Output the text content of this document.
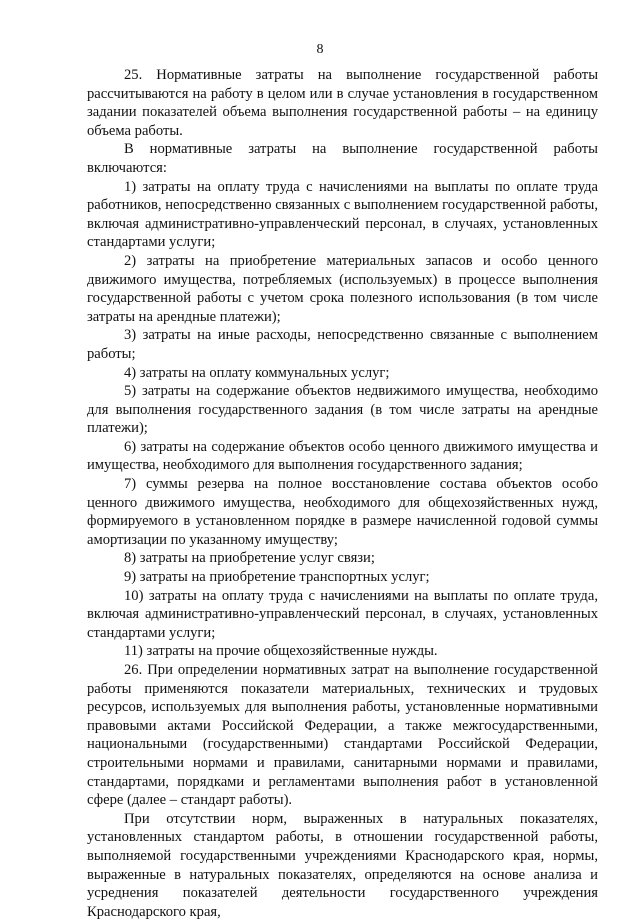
8

25. Нормативные затраты на выполнение государственной работы рассчитываются на работу в целом или в случае установления в государственном задании показателей объема выполнения государственной работы – на единицу объема работы.

В нормативные затраты на выполнение государственной работы включаются:

1) затраты на оплату труда с начислениями на выплаты по оплате труда работников, непосредственно связанных с выполнением государственной работы, включая административно-управленческий персонал, в случаях, установленных стандартами услуги;

2) затраты на приобретение материальных запасов и особо ценного движимого имущества, потребляемых (используемых) в процессе выполнения государственной работы с учетом срока полезного использования (в том числе затраты на арендные платежи);

3) затраты на иные расходы, непосредственно связанные с выполнением работы;

4) затраты на оплату коммунальных услуг;

5) затраты на содержание объектов недвижимого имущества, необходимо для выполнения государственного задания (в том числе затраты на арендные платежи);

6) затраты на содержание объектов особо ценного движимого имущества и имущества, необходимого для выполнения государственного задания;

7) суммы резерва на полное восстановление состава объектов особо ценного движимого имущества, необходимого для общехозяйственных нужд, формируемого в установленном порядке в размере начисленной годовой суммы амортизации по указанному имуществу;

8) затраты на приобретение услуг связи;

9) затраты на приобретение транспортных услуг;

10) затраты на оплату труда с начислениями на выплаты по оплате труда, включая административно-управленческий персонал, в случаях, установленных стандартами услуги;

11) затраты на прочие общехозяйственные нужды.

26. При определении нормативных затрат на выполнение государственной работы применяются показатели материальных, технических и трудовых ресурсов, используемых для выполнения работы, установленные нормативными правовыми актами Российской Федерации, а также межгосударственными, национальными (государственными) стандартами Российской Федерации, строительными нормами и правилами, санитарными нормами и правилами, стандартами, порядками и регламентами выполнения работ в установленной сфере (далее – стандарт работы).

При отсутствии норм, выраженных в натуральных показателях, установленных стандартом работы, в отношении государственной работы, выполняемой государственными учреждениями Краснодарского края, нормы, выраженные в натуральных показателях, определяются на основе анализа и усреднения показателей деятельности государственного учреждения Краснодарского края,
